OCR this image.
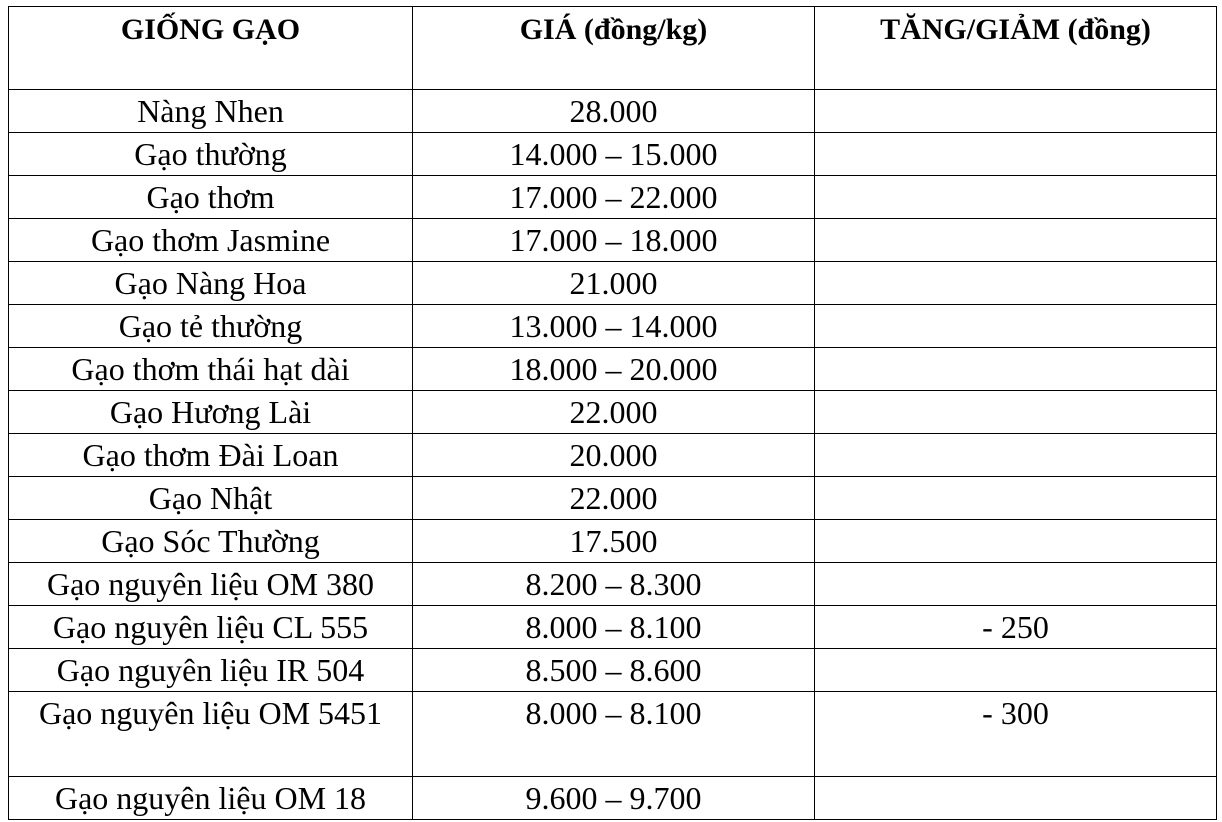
GIỐNG GẠO	GIÁ (đồng/kg)	TĂNG/GIẢM (đồng)
Nàng Nhen	28.000	
Gạo thường	14.000 – 15.000	
Gạo thơm	17.000 – 22.000	
Gạo thơm Jasmine	17.000 – 18.000	
Gạo Nàng Hoa	21.000	
Gạo tẻ thường	13.000 – 14.000	
Gạo thơm thái hạt dài	18.000 – 20.000	
Gạo Hương Lài	22.000	
Gạo thơm Đài Loan	20.000	
Gạo Nhật	22.000	
Gạo Sóc Thường	17.500	
Gạo nguyên liệu OM 380	8.200 – 8.300	
Gạo nguyên liệu CL 555	8.000 – 8.100	- 250
Gạo nguyên liệu IR 504	8.500 – 8.600	
Gạo nguyên liệu OM 5451	8.000 – 8.100	- 300
Gạo nguyên liệu OM 18	9.600 – 9.700	
